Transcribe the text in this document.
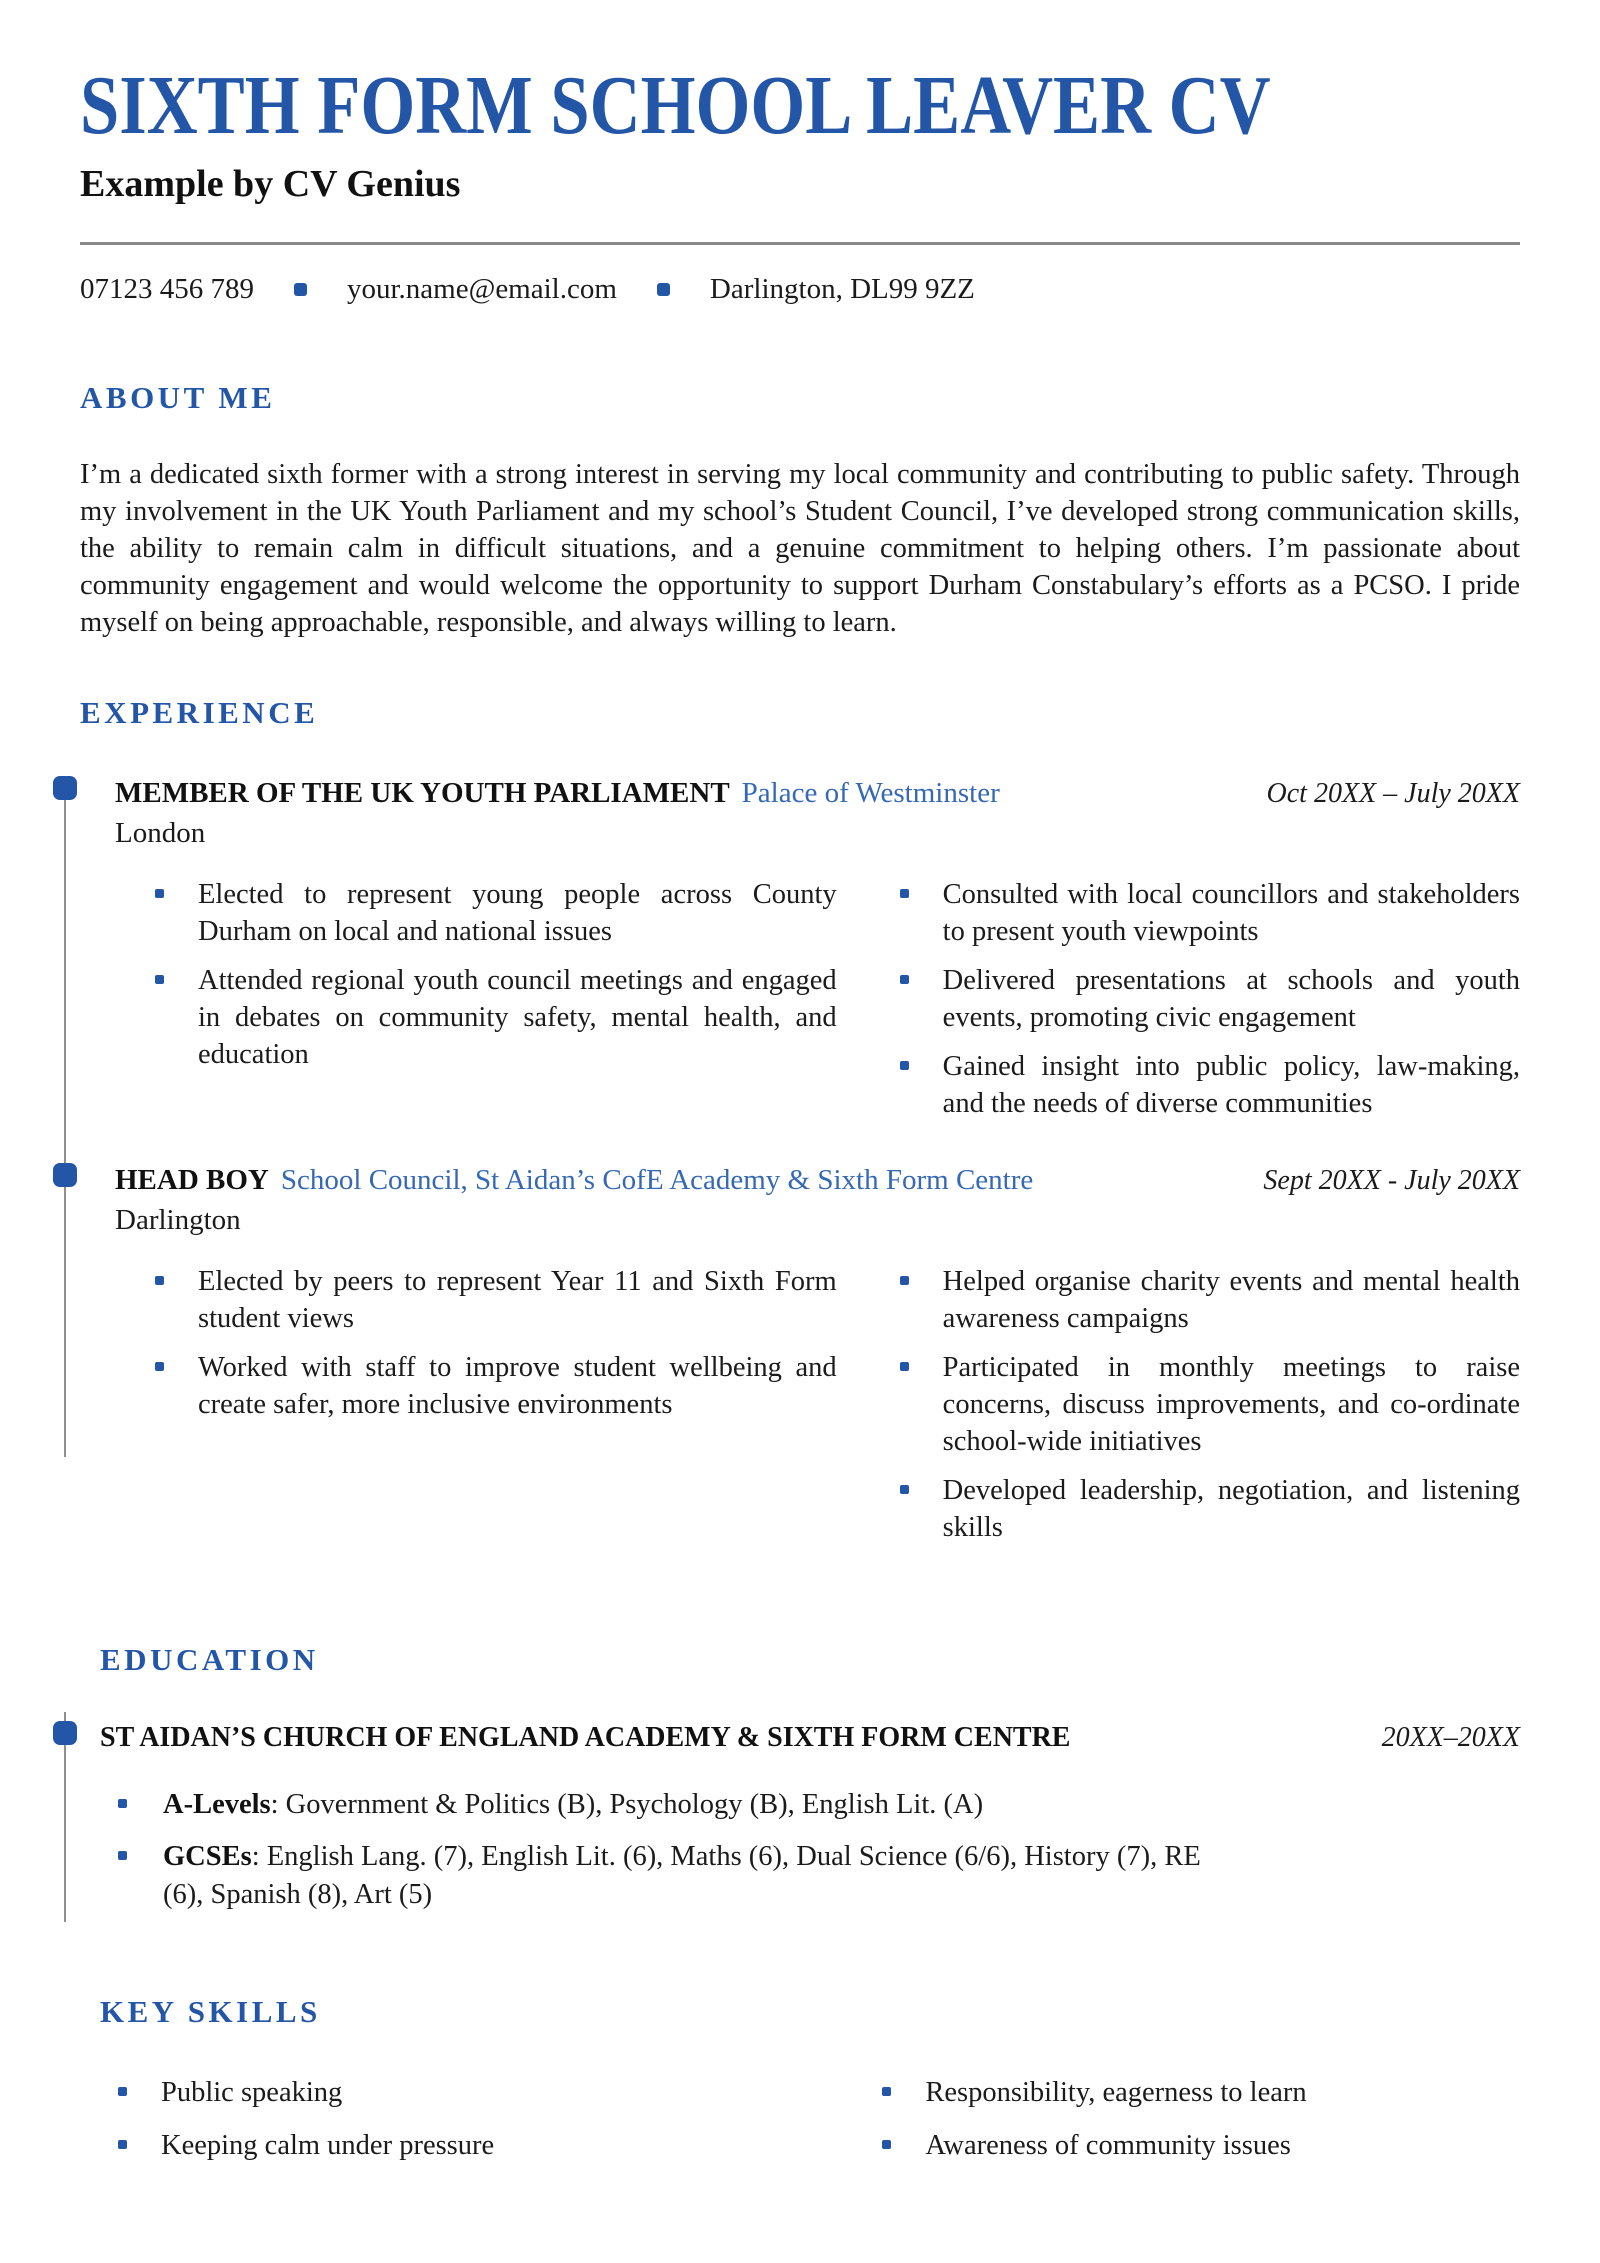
SIXTH FORM SCHOOL LEAVER CV
Example by CV Genius
07123 456 789	your.name@email.com	Darlington, DL99 9ZZ
ABOUT ME

I’m a dedicated sixth former with a strong interest in serving my local community and contributing to public safety. Through my involvement in the UK Youth Parliament and my school’s Student Council, I’ve developed strong communication skills, the ability to remain calm in difficult situations, and a genuine commitment to helping others. I’m passionate about community engagement and would welcome the opportunity to support Durham Constabulary’s efforts as a PCSO. I pride myself on being approachable, responsible, and always willing to learn.

EXPERIENCE
MEMBER OF THE UK YOUTH PARLIAMENT Palace of Westminster	Oct 20XX – July 20XX
London
Elected to represent young people across County Durham on local and national issues
Attended regional youth council meetings and engaged in debates on community safety, mental health, and education
Consulted with local councillors and stakeholders to present youth viewpoints
Delivered presentations at schools and youth events, promoting civic engagement
Gained insight into public policy, law-making, and the needs of diverse communities
HEAD BOY School Council, St Aidan’s CofE Academy & Sixth Form Centre	Sept 20XX - July 20XX
Darlington
Elected by peers to represent Year 11 and Sixth Form student views
Worked with staff to improve student wellbeing and create safer, more inclusive environments
Helped organise charity events and mental health awareness campaigns
Participated in monthly meetings to raise concerns, discuss improvements, and co-ordinate school-wide initiatives
Developed leadership, negotiation, and listening skills
EDUCATION
ST AIDAN’S CHURCH OF ENGLAND ACADEMY & SIXTH FORM CENTRE	20XX–20XX
A-Levels: Government & Politics (B), Psychology (B), English Lit. (A)
GCSEs: English Lang. (7), English Lit. (6), Maths (6), Dual Science (6/6), History (7), RE (6), Spanish (8), Art (5)
KEY SKILLS
Public speaking
Keeping calm under pressure
Responsibility, eagerness to learn
Awareness of community issues
